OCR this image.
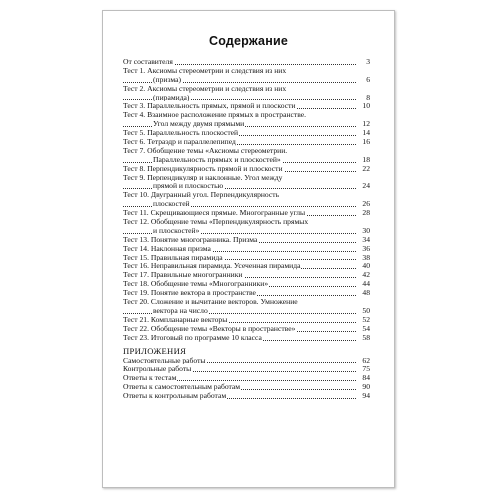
Содержание
От составителя	3
Тест 1. Аксиомы стереометрии и следствия из них
(призма)	6
Тест 2. Аксиомы стереометрии и следствия из них
(пирамида)	8
Тест 3. Параллельность прямых, прямой и плоскости	10
Тест 4. Взаимное расположение прямых в пространстве.
Угол между двумя прямыми	12
Тест 5. Параллельность плоскостей	14
Тест 6. Тетраэдр и параллелепипед	16
Тест 7. Обобщение темы «Аксиомы стереометрии.
Параллельность прямых и плоскостей»	18
Тест 8. Перпендикулярность прямой и плоскости	22
Тест 9. Перпендикуляр и наклонные. Угол между
прямой и плоскостью	24
Тест 10. Двугранный угол. Перпендикулярность
плоскостей	26
Тест 11. Скрещивающиеся прямые. Многогранные углы	28
Тест 12. Обобщение темы «Перпендикулярность прямых
и плоскостей»	30
Тест 13. Понятие многогранника. Призма	34
Тест 14. Наклонная призма	36
Тест 15. Правильная пирамида	38
Тест 16. Неправильная пирамида. Усеченная пирамида	40
Тест 17. Правильные многогранники	42
Тест 18. Обобщение темы «Многогранники»	44
Тест 19. Понятие вектора в пространстве	48
Тест 20. Сложение и вычитание векторов. Умножение
вектора на число	50
Тест 21. Компланарные векторы	52
Тест 22. Обобщение темы «Векторы в пространстве»	54
Тест 23. Итоговый по программе 10 класса	58
ПРИЛОЖЕНИЯ
Самостоятельные работы	62
Контрольные работы	75
Ответы к тестам	84
Ответы к самостоятельным работам	90
Ответы к контрольным работам	94
